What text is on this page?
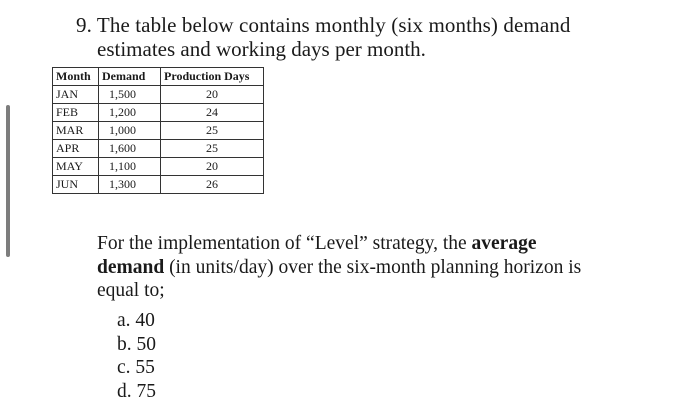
9. The table below contains monthly (six months) demand
estimates and working days per month.
Month	Demand	Production Days
JAN	1,500	20
FEB	1,200	24
MAR	1,000	25
APR	1,600	25
MAY	1,100	20
JUN	1,300	26
For the implementation of “Level” strategy, the average
demand (in units/day) over the six-month planning horizon is
equal to;
a. 40
b. 50
c. 55
d. 75
